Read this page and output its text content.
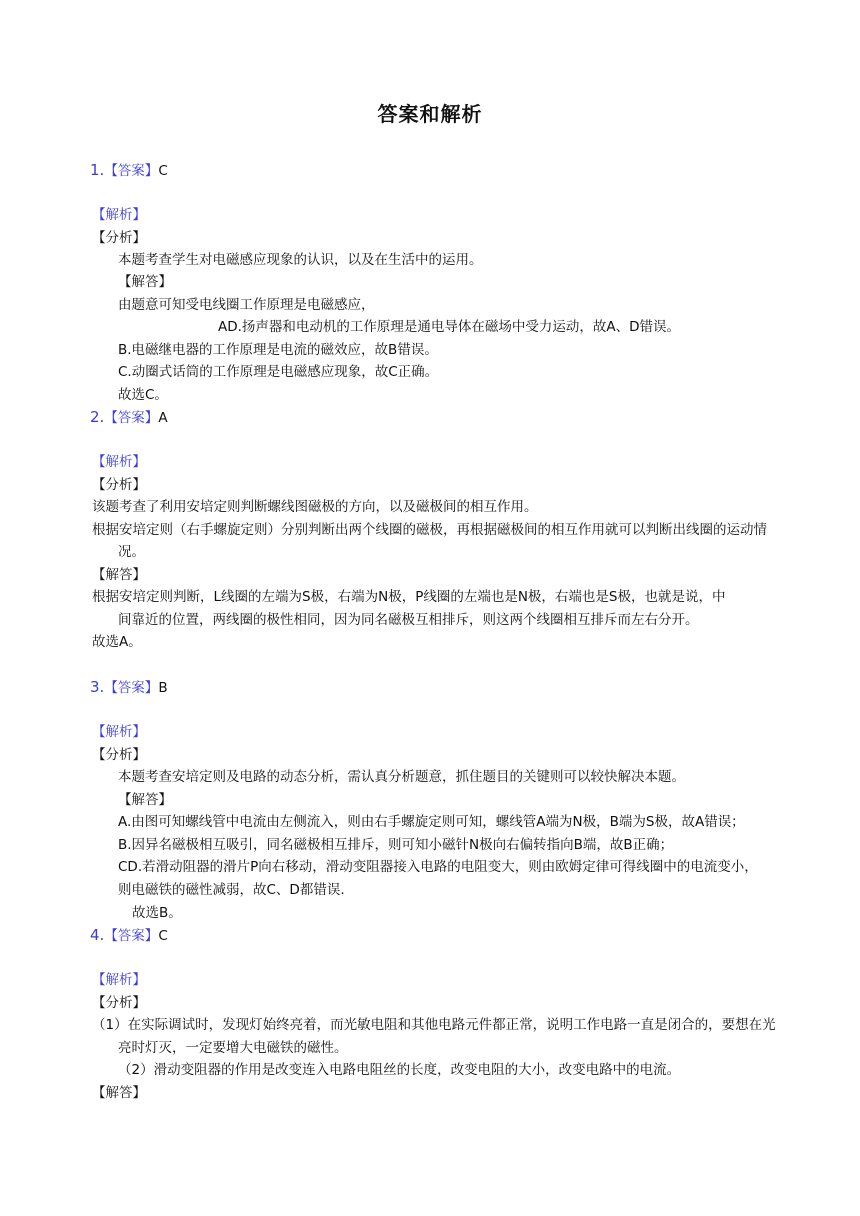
答案和解析
1.【答案】C
【解析】
【分析】
本题考查学生对电磁感应现象的认识，以及在生活中的运用。
【解答】
由题意可知受电线圈工作原理是电磁感应，
AD.扬声器和电动机的工作原理是通电导体在磁场中受力运动，故A、D错误。
B.电磁继电器的工作原理是电流的磁效应，故B错误。
C.动圈式话筒的工作原理是电磁感应现象，故C正确。
故选C。
2.【答案】A
【解析】
【分析】
该题考查了利用安培定则判断螺线图磁极的方向，以及磁极间的相互作用。
根据安培定则（右手螺旋定则）分别判断出两个线圈的磁极，再根据磁极间的相互作用就可以判断出线圈的运动情
况。
【解答】
根据安培定则判断，L线圈的左端为S极，右端为N极，P线圈的左端也是N极，右端也是S极，也就是说，中
间靠近的位置，两线圈的极性相同，因为同名磁极互相排斥，则这两个线圈相互排斥而左右分开。
故选A。
3.【答案】B
【解析】
【分析】
本题考查安培定则及电路的动态分析，需认真分析题意，抓住题目的关键则可以较快解决本题。
【解答】
A.由图可知螺线管中电流由左侧流入，则由右手螺旋定则可知，螺线管A端为N极，B端为S极，故A错误；
B.因异名磁极相互吸引，同名磁极相互排斥，则可知小磁针N极向右偏转指向B端，故B正确；
CD.若滑动阻器的滑片P向右移动，滑动变阻器接入电路的电阻变大，则由欧姆定律可得线圈中的电流变小，
则电磁铁的磁性减弱，故C、D都错误.
故选B。
4.【答案】C
【解析】
【分析】
（1）在实际调试时，发现灯始终亮着，而光敏电阻和其他电路元件都正常，说明工作电路一直是闭合的，要想在光
亮时灯灭，一定要增大电磁铁的磁性。
（2）滑动变阻器的作用是改变连入电路电阻丝的长度，改变电阻的大小，改变电路中的电流。
【解答】
